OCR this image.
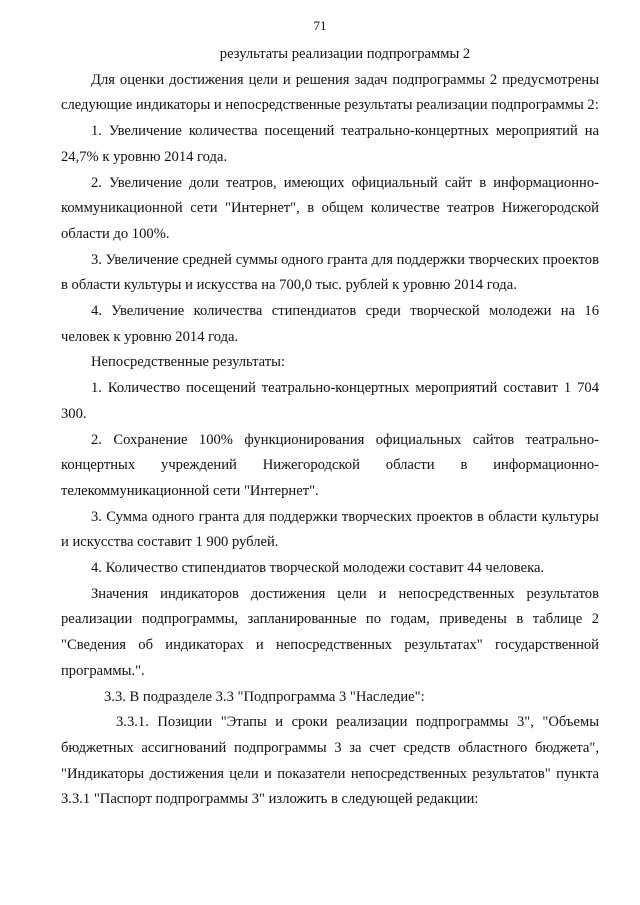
71
результаты реализации подпрограммы 2

Для оценки достижения цели и решения задач подпрограммы 2 предусмотрены следующие индикаторы и непосредственные результаты реализации подпрограммы 2:

1. Увеличение количества посещений театрально-концертных мероприятий на 24,7% к уровню 2014 года.

2. Увеличение доли театров, имеющих официальный сайт в информационно-коммуникационной сети "Интернет", в общем количестве театров Нижегородской области до 100%.

3. Увеличение средней суммы одного гранта для поддержки творческих проектов в области культуры и искусства на 700,0 тыс. рублей к уровню 2014 года.

4. Увеличение количества стипендиатов среди творческой молодежи на 16 человек к уровню 2014 года.

Непосредственные результаты:

1. Количество посещений театрально-концертных мероприятий составит 1 704 300.

2. Сохранение 100% функционирования официальных сайтов театрально-концертных учреждений Нижегородской области в информационно-телекоммуникационной сети "Интернет".

3. Сумма одного гранта для поддержки творческих проектов в области культуры и искусства составит 1 900 рублей.

4. Количество стипендиатов творческой молодежи составит 44 человека.

Значения индикаторов достижения цели и непосредственных результатов реализации подпрограммы, запланированные по годам, приведены в таблице 2 "Сведения об индикаторах и непосредственных результатах" государственной программы.".

3.3. В подразделе 3.3 "Подпрограмма 3 "Наследие":

3.3.1. Позиции "Этапы и сроки реализации подпрограммы 3", "Объемы бюджетных ассигнований подпрограммы 3 за счет средств областного бюджета", "Индикаторы достижения цели и показатели непосредственных результатов" пункта 3.3.1 "Паспорт подпрограммы 3" изложить в следующей редакции:
